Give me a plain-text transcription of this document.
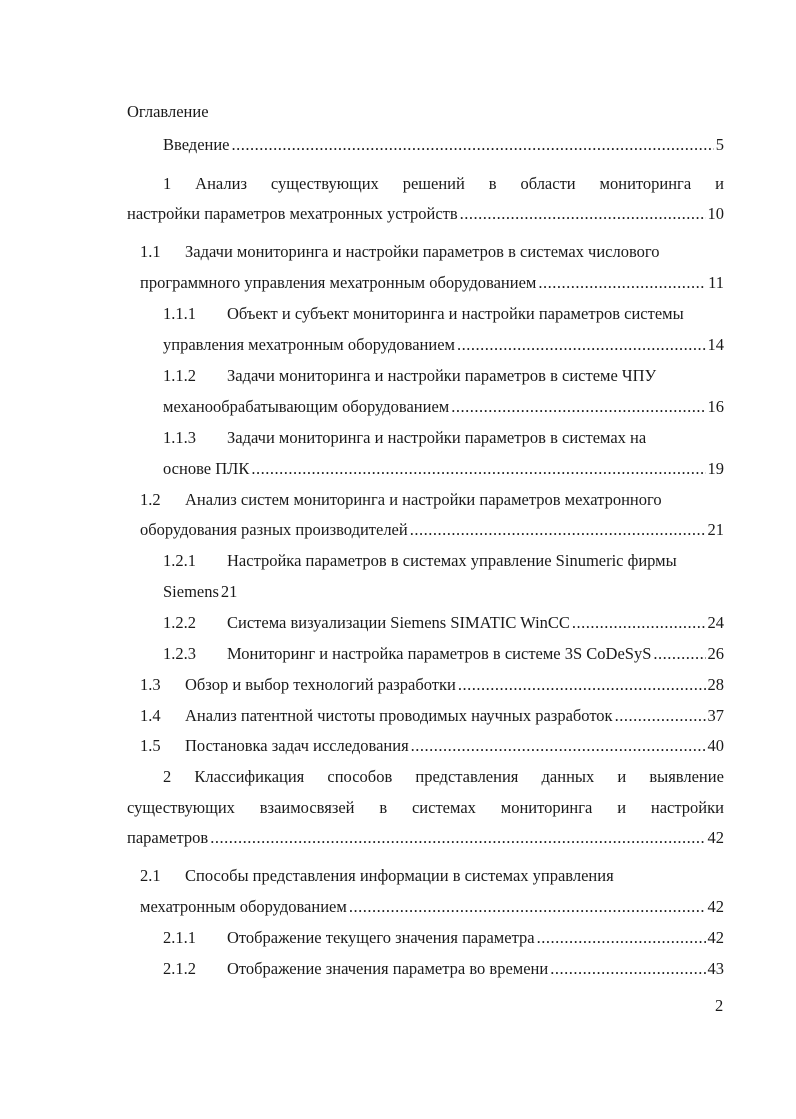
Оглавление
Введение .....	5
1 Анализ существующих решений в области мониторинга и
настройки параметров мехатронных устройств .....	10
1.1 Задачи мониторинга и настройки параметров в системах числового
программного управления мехатронным оборудованием .....	11
1.1.1 Объект и субъект мониторинга и настройки параметров системы
управления мехатронным оборудованием .....	14
1.1.2 Задачи мониторинга и настройки параметров в системе ЧПУ
механообрабатывающим оборудованием .....	16
1.1.3 Задачи мониторинга и настройки параметров в системах на
основе ПЛК .....	19
1.2 Анализ систем мониторинга и настройки параметров мехатронного
оборудования разных производителей .....	21
1.2.1 Настройка параметров в системах управление Sinumeric фирмы
Siemens 21
1.2.2	Система визуализации Siemens SIMATIC WinCC .....	24
1.2.3	Мониторинг и настройка параметров в системе 3S CoDeSyS .....	26
1.3	Обзор и выбор технологий разработки .....	28
1.4	Анализ патентной чистоты проводимых научных разработок .....	37
1.5	Постановка задач исследования .....	40
2 Классификация способов представления данных и выявление
существующих взаимосвязей в системах мониторинга и настройки
параметров .....	42
2.1 Способы представления информации в системах управления
мехатронным оборудованием .....	42
2.1.1	Отображение текущего значения параметра .....	42
2.1.2	Отображение значения параметра во времени .....	43
2
